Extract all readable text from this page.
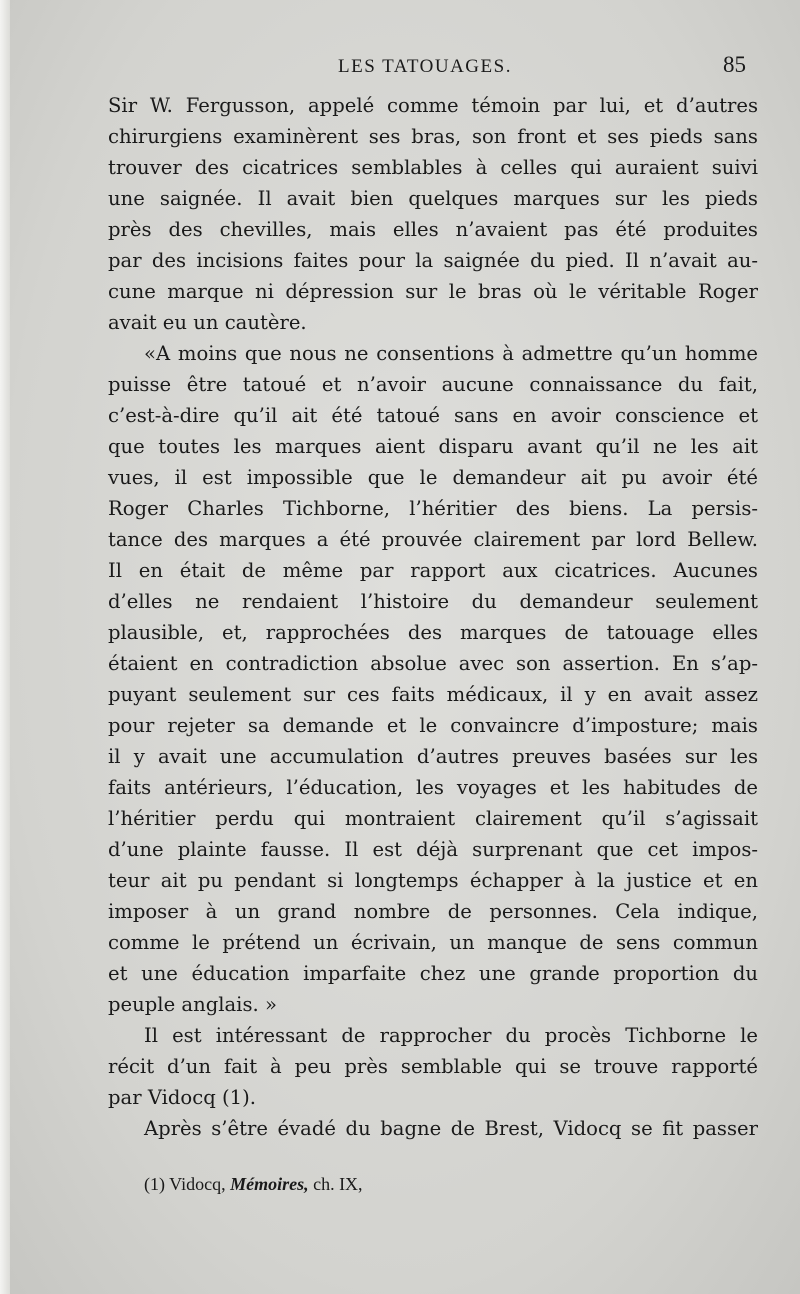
LES TATOUAGES.	85
Sir W. Fergusson, appelé comme témoin par lui, et d’autres
chirurgiens examinèrent ses bras, son front et ses pieds sans
trouver des cicatrices semblables à celles qui auraient suivi
une saignée. Il avait bien quelques marques sur les pieds
près des chevilles, mais elles n’avaient pas été produites
par des incisions faites pour la saignée du pied. Il n’avait au-
cune marque ni dépression sur le bras où le véritable Roger
avait eu un cautère.
«A moins que nous ne consentions à admettre qu’un homme
puisse être tatoué et n’avoir aucune connaissance du fait,
c’est-à-dire qu’il ait été tatoué sans en avoir conscience et
que toutes les marques aient disparu avant qu’il ne les ait
vues, il est impossible que le demandeur ait pu avoir été
Roger Charles Tichborne, l’héritier des biens. La persis-
tance des marques a été prouvée clairement par lord Bellew.
Il en était de même par rapport aux cicatrices. Aucunes
d’elles ne rendaient l’histoire du demandeur seulement
plausible, et, rapprochées des marques de tatouage elles
étaient en contradiction absolue avec son assertion. En s’ap-
puyant seulement sur ces faits médicaux, il y en avait assez
pour rejeter sa demande et le convaincre d’imposture; mais
il y avait une accumulation d’autres preuves basées sur les
faits antérieurs, l’éducation, les voyages et les habitudes de
l’héritier perdu qui montraient clairement qu’il s’agissait
d’une plainte fausse. Il est déjà surprenant que cet impos-
teur ait pu pendant si longtemps échapper à la justice et en
imposer à un grand nombre de personnes. Cela indique,
comme le prétend un écrivain, un manque de sens commun
et une éducation imparfaite chez une grande proportion du
peuple anglais. »
Il est intéressant de rapprocher du procès Tichborne le
récit d’un fait à peu près semblable qui se trouve rapporté
par Vidocq (1).
Après s’être évadé du bagne de Brest, Vidocq se fit passer
(1) Vidocq, Mémoires, ch. IX,
